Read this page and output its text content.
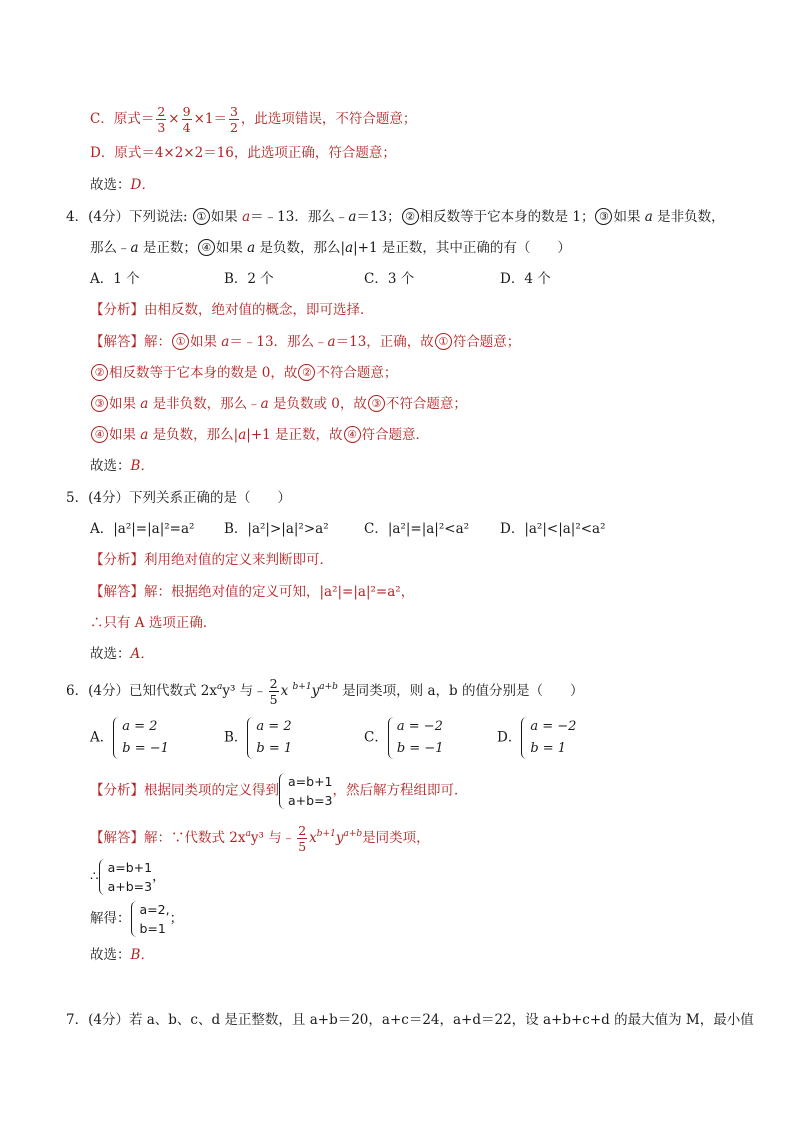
C．原式＝ $\frac{2}{3} \times \frac{9}{4} \times 1= \frac{3}{2}$ ，此选项错误，不符合题意；
D．原式＝4×2×2＝16，此选项正确，符合题意；
故选：D．
4．(4分）下列说法: ① 如果 a＝﹣13．那么﹣a＝13； ② 相反数等于它本身的数是 1； ③ 如果 a 是非负数，
那么﹣a 是正数； ④ 如果 a 是负数，那么|a|+1 是正数，其中正确的有（　　）
A．1 个	B．2 个	C．3 个	D．4 个
【分析】由相反数，绝对值的概念，即可选择．
【解答】解： ① 如果 a＝﹣13．那么﹣a＝13，正确，故 ① 符合题意；
② 相反数等于它本身的数是 0，故 ② 不符合题意；
③ 如果 a 是非负数，那么﹣a 是负数或 0，故 ③ 不符合题意；
④ 如果 a 是负数，那么|a|+1 是正数，故 ④ 符合题意．
故选：B．
5．(4分）下列关系正确的是（　　）
A．|a²|=|a|²=a² B．|a²|>|a|²>a²	C．|a²|=|a|²<a² D．|a²|<|a|²<a²
【分析】利用绝对值的定义来判断即可．
【解答】解：根据绝对值的定义可知，|a²|=|a|²=a²，
∴只有 A 选项正确．
故选：A．
6．(4分）已知代数式 $2x^ay^3$ 与﹣ $\frac{2}{5}$ x $^{b+1}y^{a+b}$ 是同类项，则 a，b 的值分别是（　　）
A．
a = 2
b = −1
B．
a = 2
b = 1
C．
a = −2
b = −1
D．
a = −2
b = 1
【分析】根据同类项的定义得到
a=b+1
a+b=3
，然后解方程组即可．
【解答】解：∵代数式 $2x^ay^3$ 与﹣ $\frac{2}{5} x^{b+1}y^{a+b}$是同类项，
∴
a=b+1
a+b=3
，
解得：
a=2,
b=1
；
故选：B．
7．(4分）若 a、b、c、d 是正整数，且 a+b＝20，a+c＝24，a+d＝22，设 a+b+c+d 的最大值为 M，最小值
